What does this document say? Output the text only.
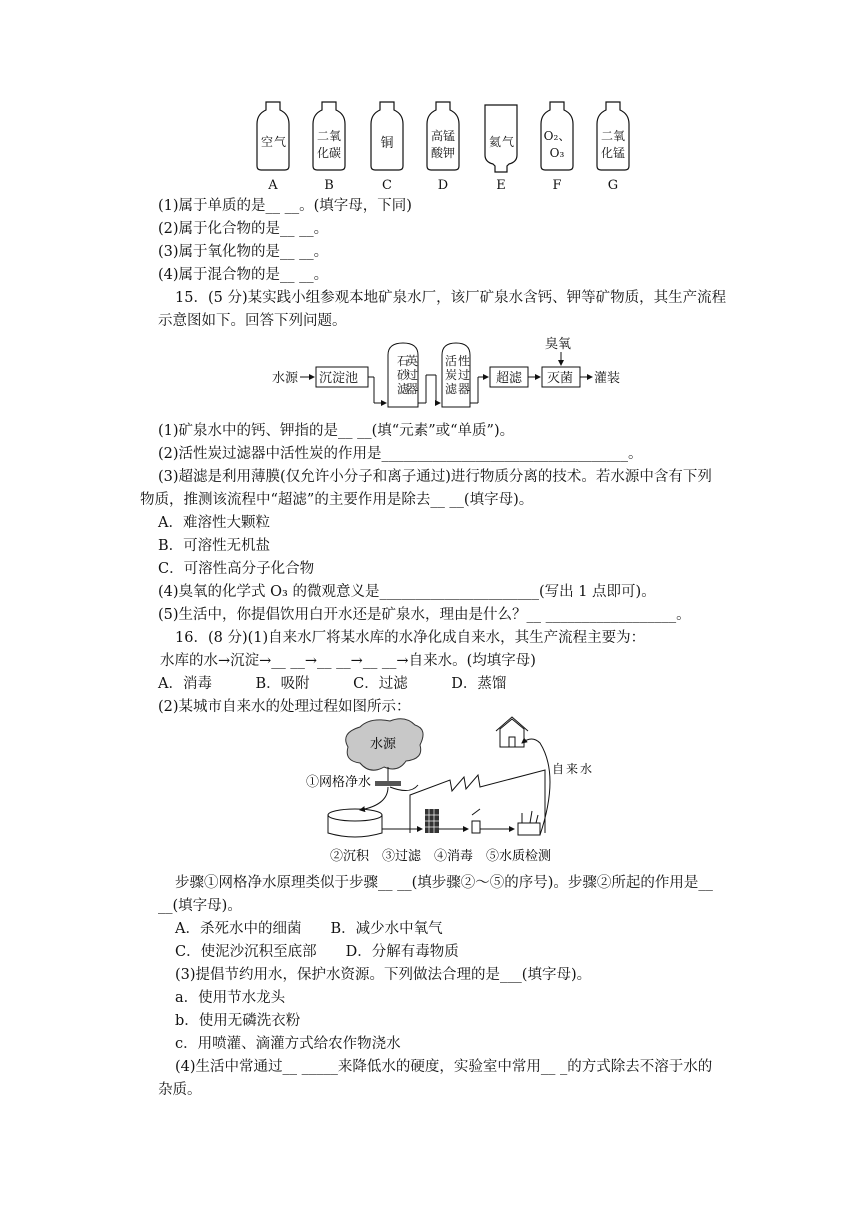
空 气
A
二氧
化碳
B
铜
C
高锰
酸钾
D
氦 气
E
O₂、
O₃
F
二氧
化锰
G
(1)属于单质的是__ __。(填字母，下同)
(2)属于化合物的是__ __。
(3)属于氧化物的是__ __。
(4)属于混合物的是__ __。
15．(5 分)某实践小组参观本地矿泉水厂，该厂矿泉水含钙、钾等矿物质，其生产流程
示意图如下。回答下列问题。
水源 沉淀池
石
砂
英
过
滤
器
活 性
炭 过
滤 器
超滤 灭菌
臭氧
灌装
(1)矿泉水中的钙、钾指的是__ __(填“元素”或“单质”)。
(2)活性炭过滤器中活性炭的作用是__________________________________。
(3)超滤是利用薄膜(仅允许小分子和离子通过)进行物质分离的技术。若水源中含有下列
物质，推测该流程中“超滤”的主要作用是除去__ __(填字母)。
A．难溶性大颗粒
B．可溶性无机盐
C．可溶性高分子化合物
(4)臭氧的化学式 O₃ 的微观意义是______________________(写出 1 点即可)。
(5)生活中，你提倡饮用白开水还是矿泉水，理由是什么？__ __________________。
16．(8 分)(1)自来水厂将某水库的水净化成自来水，其生产流程主要为：
水库的水→沉淀→__ __→__ __→__ __→自来水。(均填字母)
A．消毒　　　B．吸附　　　C．过滤　　　D．蒸馏
(2)某城市自来水的处理过程如图所示：
水源
①网格净水
自 来 水
②沉积　③过滤　④消毒　⑤水质检测
步骤①网格净水原理类似于步骤__ __(填步骤②～⑤的序号)。步骤②所起的作用是__
__(填字母)。
A．杀死水中的细菌　　B．减少水中氧气
C．使泥沙沉积至底部　　D．分解有毒物质
(3)提倡节约用水，保护水资源。下列做法合理的是___(填字母)。
a．使用节水龙头
b．使用无磷洗衣粉
c．用喷灌、滴灌方式给农作物浇水
(4)生活中常通过__ _____来降低水的硬度，实验室中常用__ _的方式除去不溶于水的
杂质。
